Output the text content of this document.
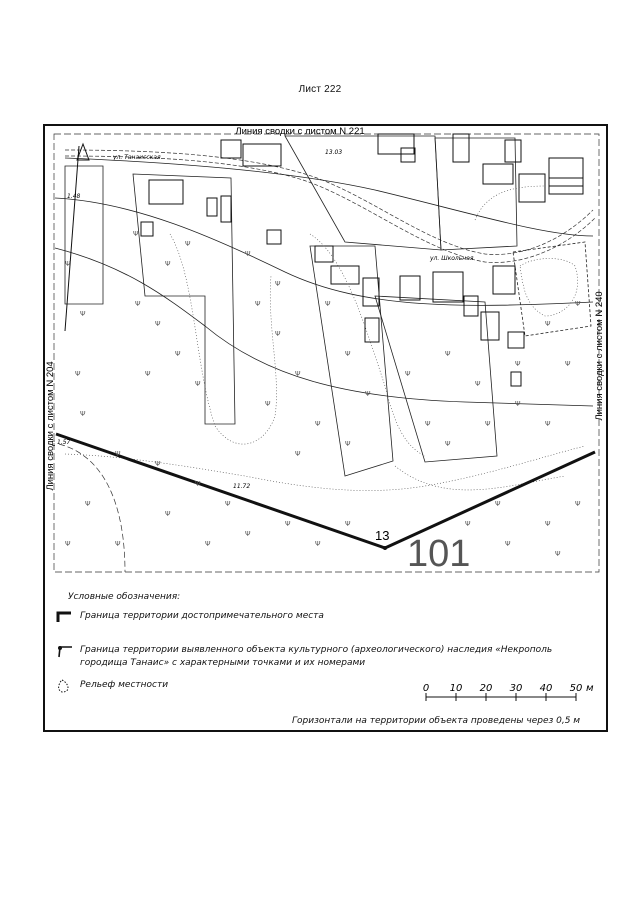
Лист 222
Линия сводки с листом N 221
Линия сводки с листом N 204
Линия сводки с листом N 240
ул. Танаисская
ул. Школьная
13.03
1.48
1.57
11.72
13 101
Ψ
Ψ
Ψ
Ψ
Ψ
Ψ
Ψ
Ψ
Ψ
Ψ
Ψ
Ψ
Ψ
Ψ
Ψ
Ψ
Ψ
Ψ
Ψ
Ψ
Ψ
Ψ
Ψ
Ψ
Ψ
Ψ
Ψ
Ψ
Ψ
Ψ
Ψ
Ψ
Ψ
Ψ
Ψ
Ψ
Ψ
Ψ
Ψ
Ψ
Ψ
Ψ	Ψ
Ψ
Ψ
Ψ
Ψ
Ψ
Ψ
Ψ
Ψ
Ψ
Ψ
Ψ
Ψ
Условные обозначения:
Граница территории достопримечательного места
Граница территории выявленного объекта культурного (археологического) наследия «Некрополь городища Танаис» с характерными точками и их номерами
Рельеф местности	0 10 20 30 40 50 м
Горизонтали на территории объекта проведены через 0,5 м
